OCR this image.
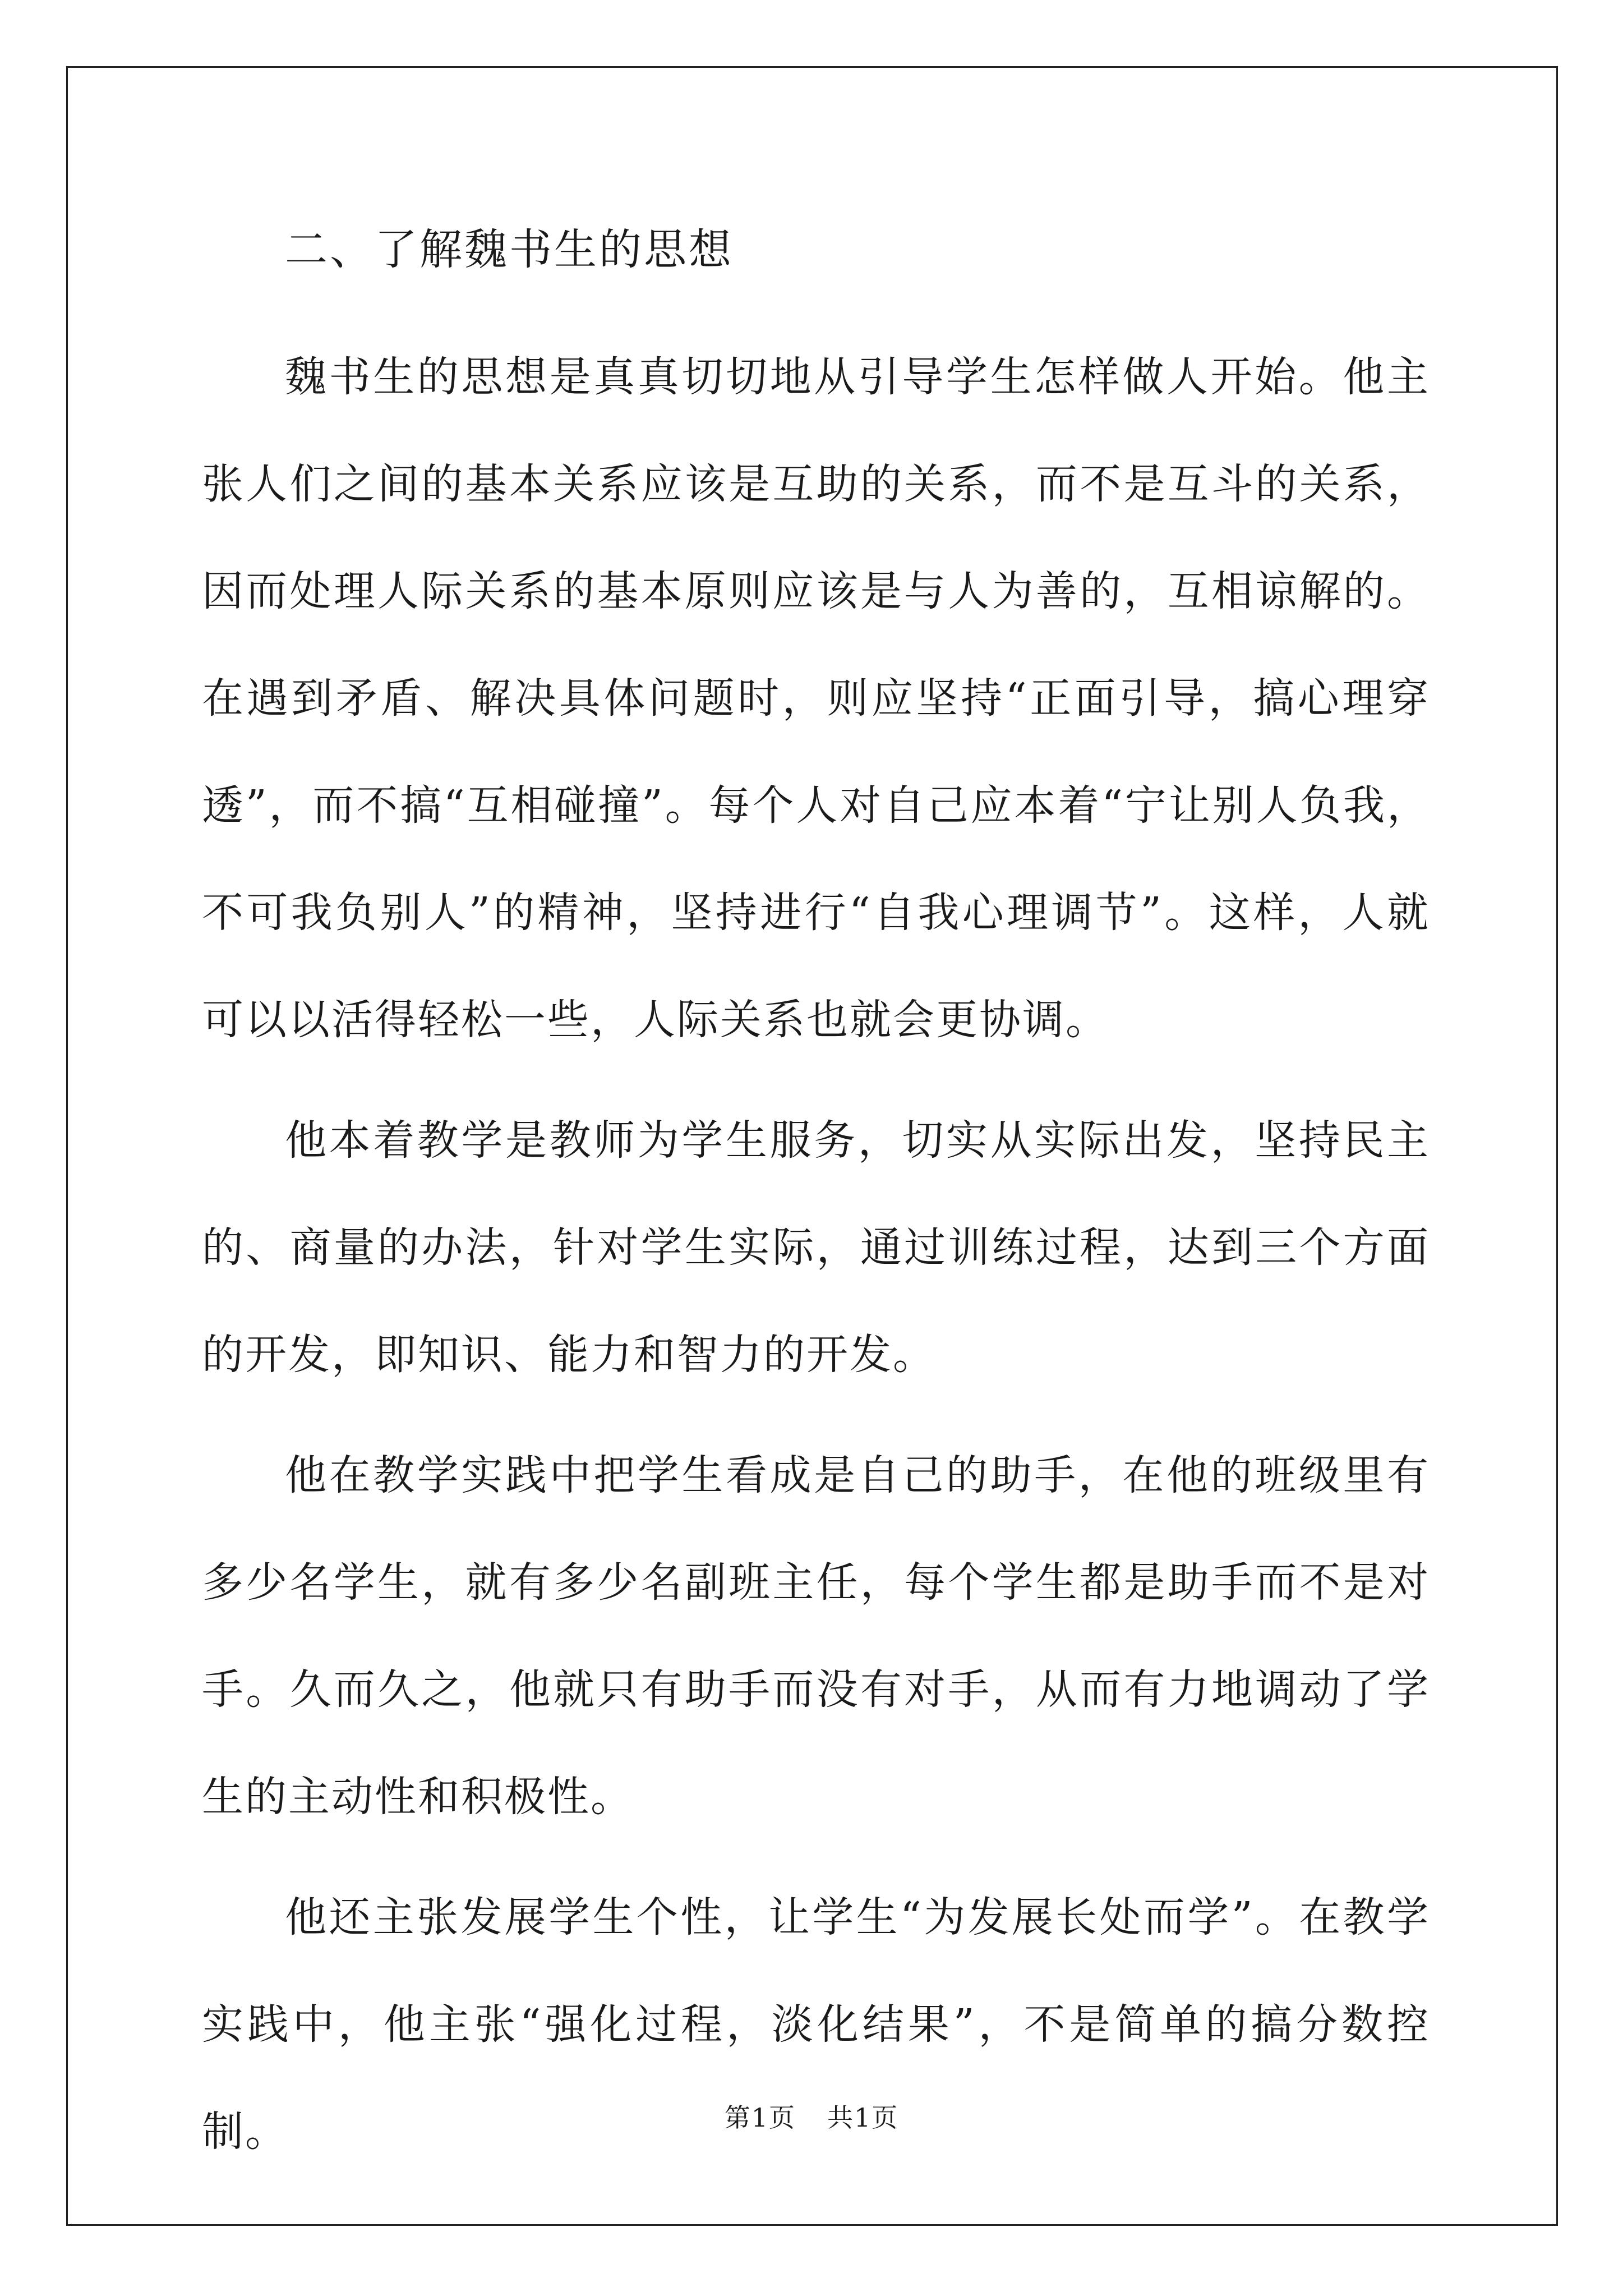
二、了解魏书生的思想

魏书生的思想是真真切切地从引导学生怎样做人开始。他主张人们之间的基本关系应该是互助的关系，而不是互斗的关系，因而处理人际关系的基本原则应该是与人为善的，互相谅解的。在遇到矛盾、解决具体问题时，则应坚持“正面引导，搞心理穿透”，而不搞“互相碰撞”。每个人对自己应本着“宁让别人负我，不可我负别人”的精神，坚持进行“自我心理调节”。这样，人就可以以活得轻松一些，人际关系也就会更协调。

他本着教学是教师为学生服务，切实从实际出发，坚持民主的、商量的办法，针对学生实际，通过训练过程，达到三个方面的开发，即知识、能力和智力的开发。

他在教学实践中把学生看成是自己的助手，在他的班级里有多少名学生，就有多少名副班主任，每个学生都是助手而不是对手。久而久之，他就只有助手而没有对手，从而有力地调动了学生的主动性和积极性。

他还主张发展学生个性，让学生“为发展长处而学”。在教学实践中，他主张“强化过程，淡化结果”，不是简单的搞分数控制。	第1页 共1页
